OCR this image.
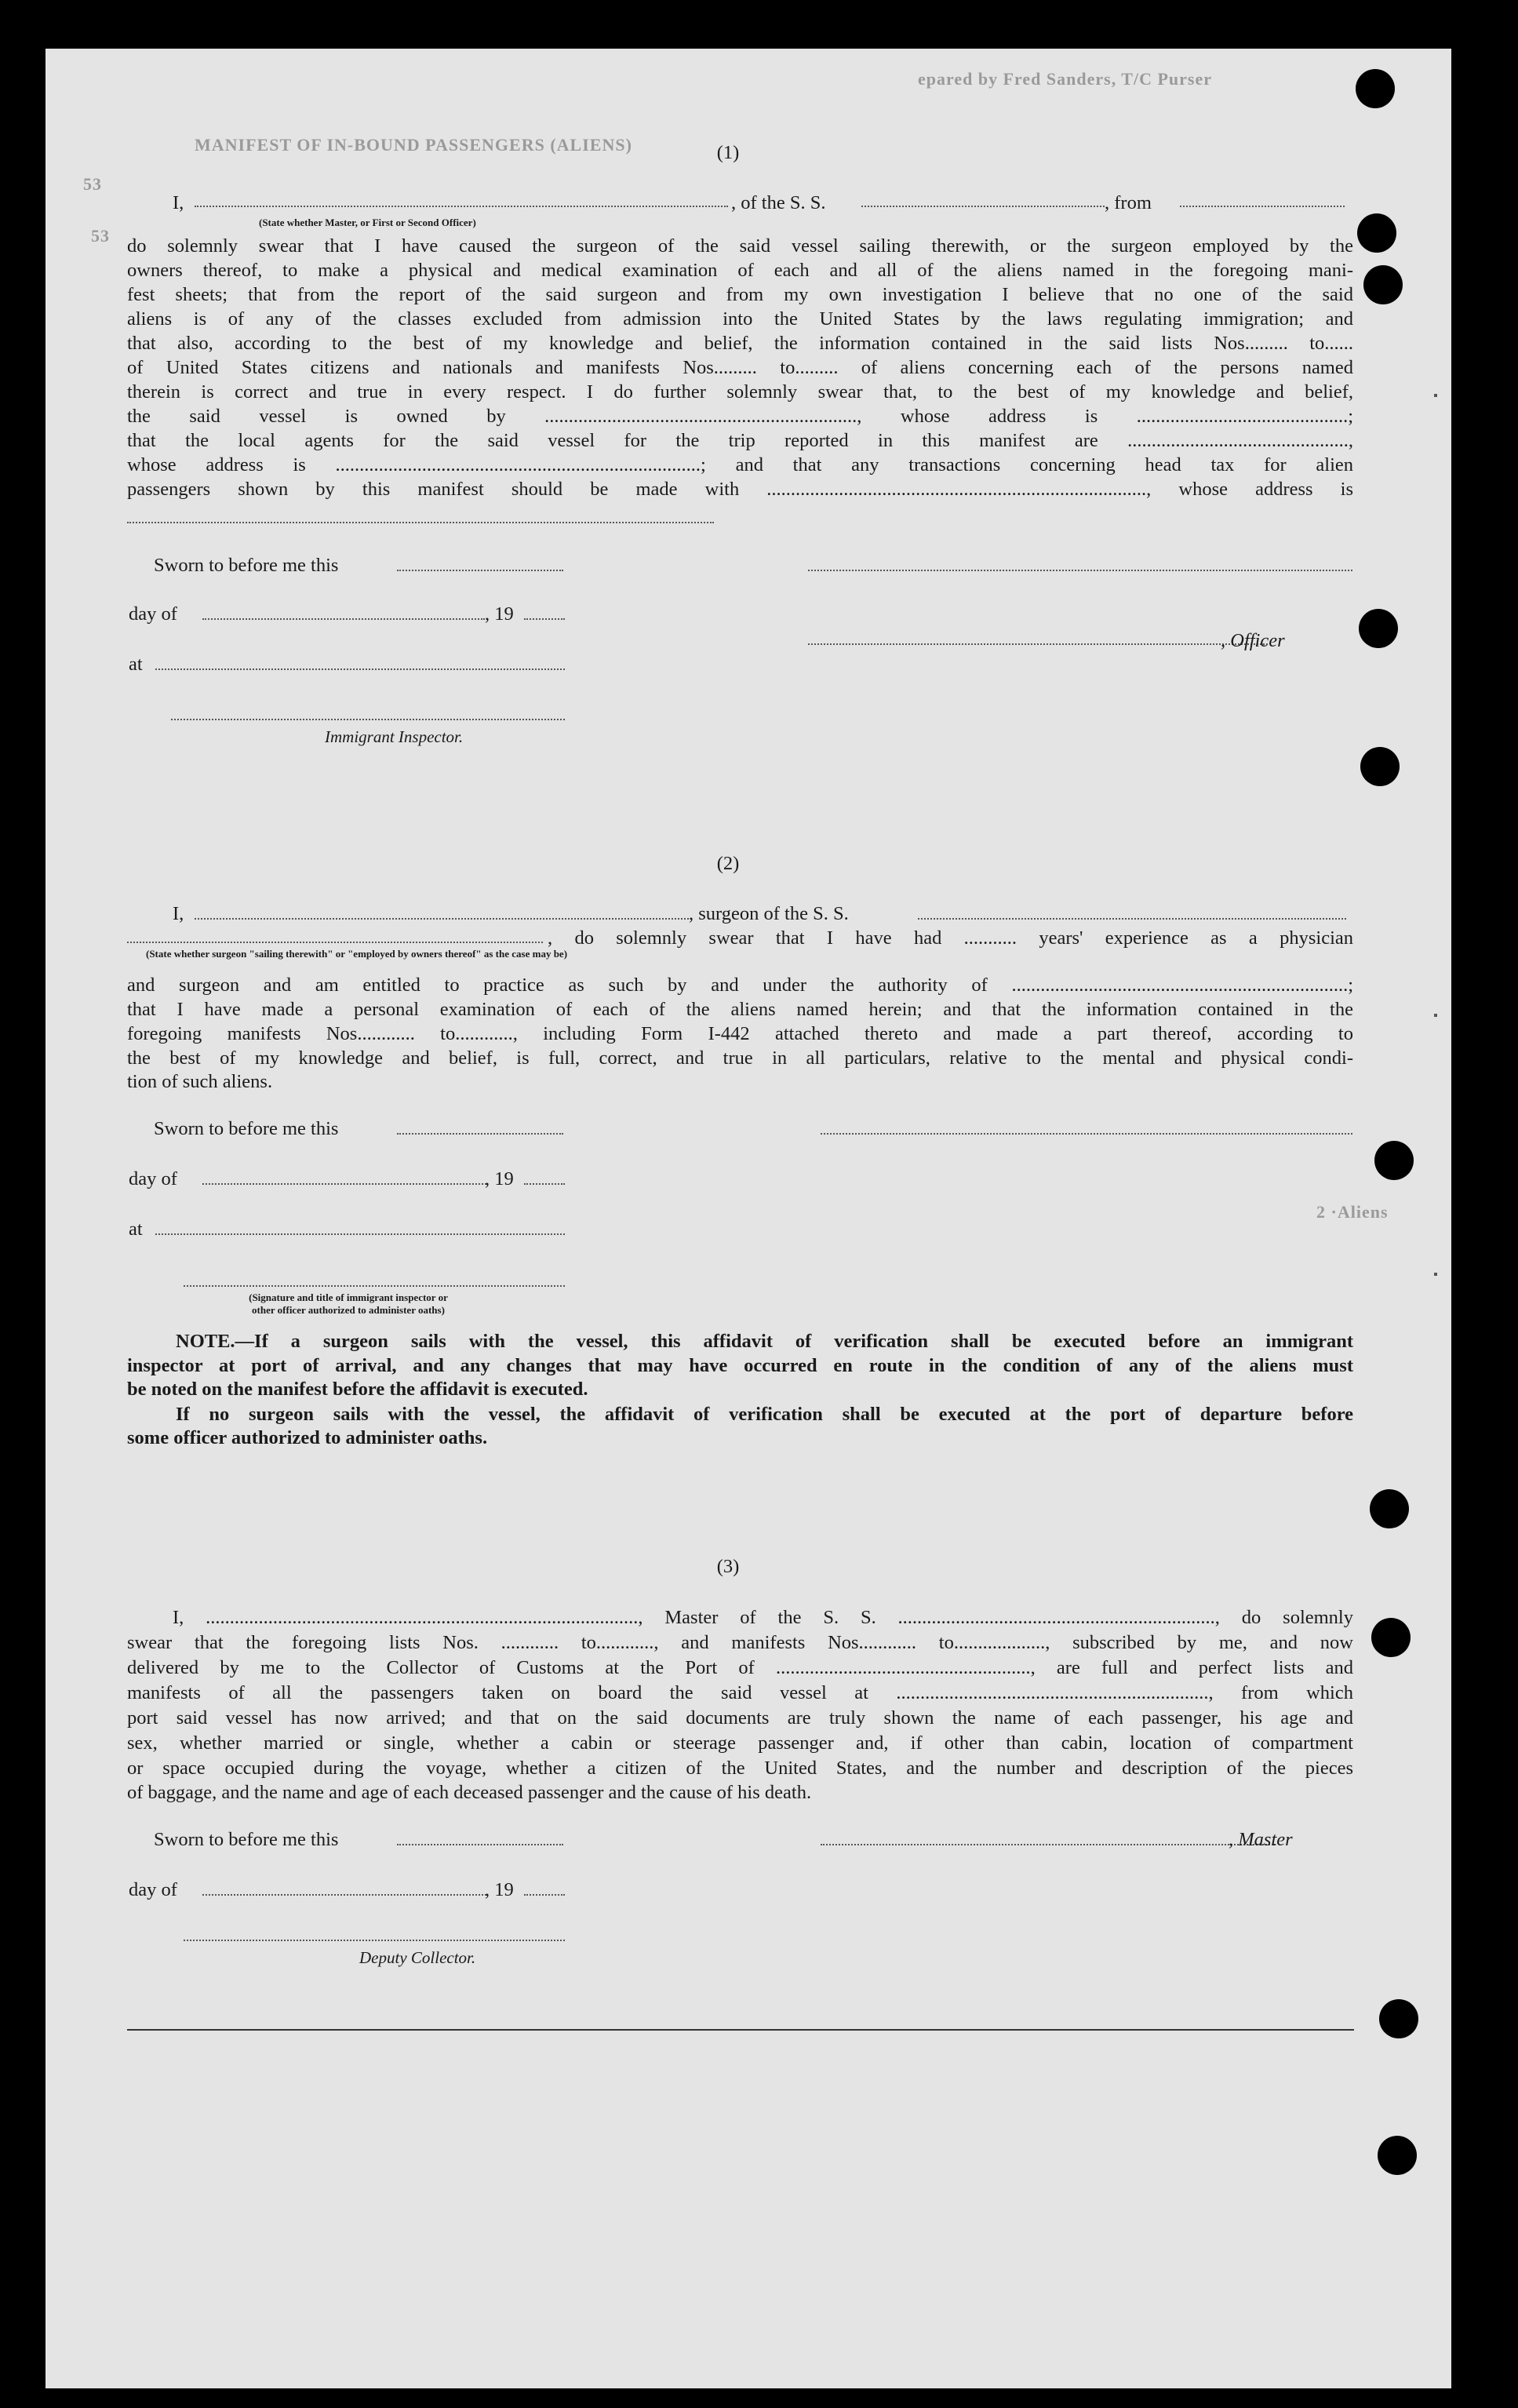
epared by Fred Sanders, T/C Purser
MANIFEST OF IN-BOUND PASSENGERS (ALIENS)
53
53
2 ·Aliens
(1)
I,	, of the S. S.	, from
(State whether Master, or First or Second Officer)
do solemnly swear that I have caused the surgeon of the said vessel sailing therewith, or the surgeon employed by the
owners thereof, to make a physical and medical examination of each and all of the aliens named in the foregoing mani-
fest sheets; that from the report of the said surgeon and from my own investigation I believe that no one of the said
aliens is of any of the classes excluded from admission into the United States by the laws regulating immigration; and
that also, according to the best of my knowledge and belief, the information contained in the said lists Nos......... to......
of United States citizens and nationals and manifests Nos......... to......... of aliens concerning each of the persons named
therein is correct and true in every respect. I do further solemnly swear that, to the best of my knowledge and belief,
the said vessel is owned by ................................................................., whose address is ............................................;
that the local agents for the said vessel for the trip reported in this manifest are ..............................................,
whose address is ............................................................................; and that any transactions concerning head tax for alien
passengers shown by this manifest should be made with ..............................................................................., whose address is
Sworn to before me this
day of	, 19
, Officer
at
Immigrant Inspector.
(2)
I,	, surgeon of the S. S.
, do solemnly swear that I have had ........... years' experience as a physician
(State whether surgeon "sailing therewith" or "employed by owners thereof" as the case may be)
and surgeon and am entitled to practice as such by and under the authority of ......................................................................;
that I have made a personal examination of each of the aliens named herein; and that the information contained in the
foregoing manifests Nos............ to............, including Form I-442 attached thereto and made a part thereof, according to
the best of my knowledge and belief, is full, correct, and true in all particulars, relative to the mental and physical condi-
tion of such aliens.
Sworn to before me this
day of	, 19
at
(Signature and title of immigrant inspector or
other officer authorized to administer oaths)
NOTE.—If a surgeon sails with the vessel, this affidavit of verification shall be executed before an immigrant
inspector at port of arrival, and any changes that may have occurred en route in the condition of any of the aliens must
be noted on the manifest before the affidavit is executed.
If no surgeon sails with the vessel, the affidavit of verification shall be executed at the port of departure before
some officer authorized to administer oaths.
(3)
I, .........................................................................................., Master of the S. S. .................................................................., do solemnly
swear that the foregoing lists Nos. ............ to............, and manifests Nos............ to..................., subscribed by me, and now
delivered by me to the Collector of Customs at the Port of ....................................................., are full and perfect lists and
manifests of all the passengers taken on board the said vessel at ................................................................., from which
port said vessel has now arrived; and that on the said documents are truly shown the name of each passenger, his age and
sex, whether married or single, whether a cabin or steerage passenger and, if other than cabin, location of compartment
or space occupied during the voyage, whether a citizen of the United States, and the number and description of the pieces
of baggage, and the name and age of each deceased passenger and the cause of his death.
Sworn to before me this	, Master
day of	, 19
Deputy Collector.
